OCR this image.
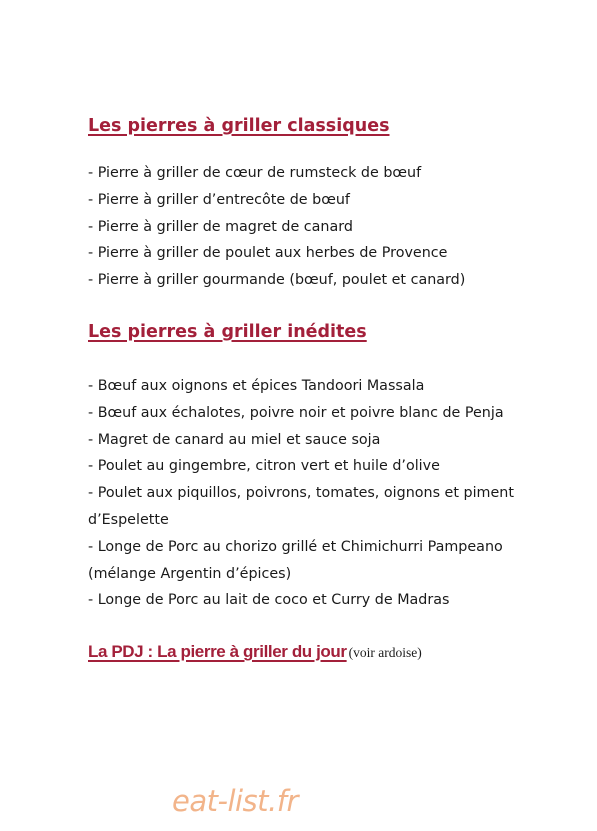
Les pierres à griller classiques
- Pierre à griller de cœur de rumsteck de bœuf
- Pierre à griller d’entrecôte de bœuf
- Pierre à griller de magret de canard
- Pierre à griller de poulet aux herbes de Provence
- Pierre à griller gourmande (bœuf, poulet et canard)
Les pierres à griller inédites
- Bœuf aux oignons et épices Tandoori Massala
- Bœuf aux échalotes, poivre noir et poivre blanc de Penja
- Magret de canard au miel et sauce soja
- Poulet au gingembre, citron vert et huile d’olive
- Poulet aux piquillos, poivrons, tomates, oignons et piment d’Espelette
- Longe de Porc au chorizo grillé et Chimichurri Pampeano (mélange Argentin d’épices)
- Longe de Porc au lait de coco et Curry de Madras
La PDJ : La pierre à griller du jour (voir ardoise)
eat-list.fr
